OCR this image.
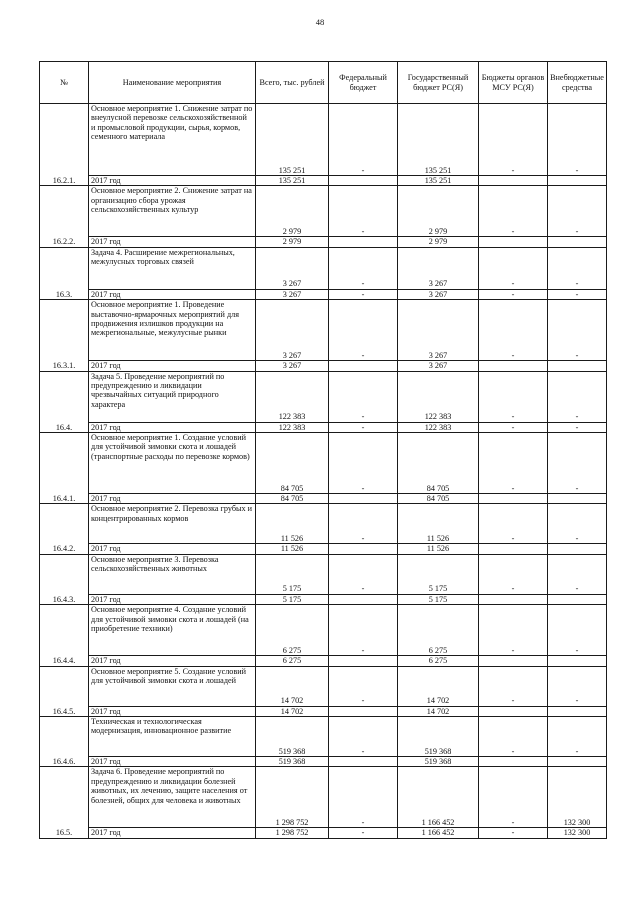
48
№	Наименование мероприятия	Всего, тыс. рублей	Федеральный бюджет	Государственный бюджет РС(Я)	Бюджеты органов МСУ РС(Я)	Внебюджетные средства
16.2.1.	Основное мероприятие 1. Снижение затрат по внеулусной перевозке сельскохозяйственной и промысловой продукции, сырья, кормов, семенного материала	135 251	-	135 251	-	-
	2017 год	135 251		135 251		
16.2.2.	Основное мероприятие 2. Снижение затрат на организацию сбора урожая сельскохозяйственных культур	2 979	-	2 979	-	-
	2017 год	2 979		2 979		
16.3.	Задача 4. Расширение межрегиональных, межулусных торговых связей	3 267	-	3 267	-	-
	2017 год	3 267	-	3 267	-	-
16.3.1.	Основное мероприятие 1. Проведение выставочно-ярмарочных мероприятий для продвижения излишков продукции на межрегиональные, межулусные рынки	3 267	-	3 267	-	-
	2017 год	3 267		3 267		
16.4.	Задача 5. Проведение мероприятий по предупреждению и ликвидации чрезвычайных ситуаций природного характера	122 383	-	122 383	-	-
	2017 год	122 383	-	122 383	-	-
16.4.1.	Основное мероприятие 1. Создание условий для устойчивой зимовки скота и лошадей (транспортные расходы по перевозке кормов)	84 705	-	84 705	-	-
	2017 год	84 705		84 705		
16.4.2.	Основное мероприятие 2. Перевозка грубых и концентрированных кормов	11 526	-	11 526	-	-
	2017 год	11 526		11 526		
16.4.3.	Основное мероприятие 3. Перевозка сельскохозяйственных животных	5 175	-	5 175	-	-
	2017 год	5 175		5 175		
16.4.4.	Основное мероприятие 4. Создание условий для устойчивой зимовки скота и лошадей (на приобретение техники)	6 275	-	6 275	-	-
	2017 год	6 275		6 275		
16.4.5.	Основное мероприятие 5. Создание условий для устойчивой зимовки скота и лошадей	14 702	-	14 702	-	-
	2017 год	14 702		14 702		
16.4.6.	Техническая и технологическая модернизация, инновационное развитие	519 368	-	519 368	-	-
	2017 год	519 368		519 368		
16.5.	Задача 6. Проведение мероприятий по предупреждению и ликвидации болезней животных, их лечению, защите населения от болезней, общих для человека и животных	1 298 752	-	1 166 452	-	132 300
	2017 год	1 298 752	-	1 166 452	-	132 300
